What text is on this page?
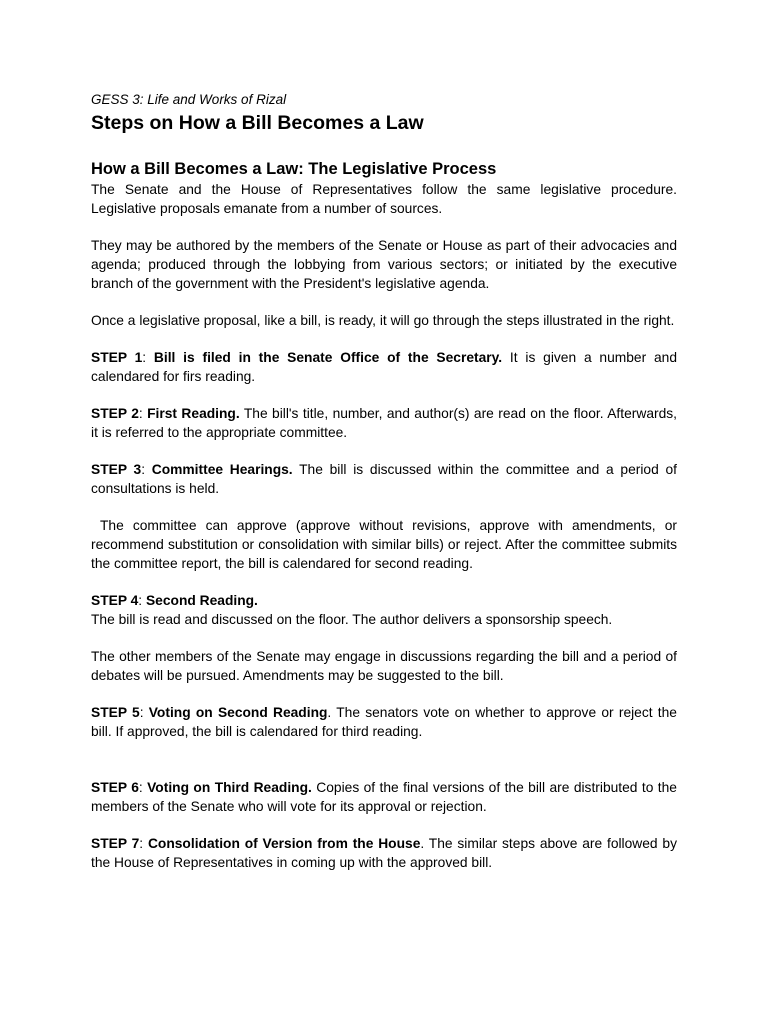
GESS 3: Life and Works of Rizal

Steps on How a Bill Becomes a Law
How a Bill Becomes a Law: The Legislative Process

The Senate and the House of Representatives follow the same legislative procedure. Legislative proposals emanate from a number of sources.

They may be authored by the members of the Senate or House as part of their advocacies and agenda; produced through the lobbying from various sectors; or initiated by the executive branch of the government with the President's legislative agenda.

Once a legislative proposal, like a bill, is ready, it will go through the steps illustrated in the right.

STEP 1: Bill is filed in the Senate Office of the Secretary. It is given a number and calendared for firs reading.

STEP 2: First Reading. The bill's title, number, and author(s) are read on the floor. Afterwards, it is referred to the appropriate committee.

STEP 3: Committee Hearings. The bill is discussed within the committee and a period of consultations is held.

The committee can approve (approve without revisions, approve with amendments, or recommend substitution or consolidation with similar bills) or reject. After the committee submits the committee report, the bill is calendared for second reading.

STEP 4: Second Reading.

The bill is read and discussed on the floor. The author delivers a sponsorship speech.

The other members of the Senate may engage in discussions regarding the bill and a period of debates will be pursued. Amendments may be suggested to the bill.

STEP 5: Voting on Second Reading. The senators vote on whether to approve or reject the bill. If approved, the bill is calendared for third reading.

STEP 6: Voting on Third Reading. Copies of the final versions of the bill are distributed to the members of the Senate who will vote for its approval or rejection.

STEP 7: Consolidation of Version from the House. The similar steps above are followed by the House of Representatives in coming up with the approved bill.
